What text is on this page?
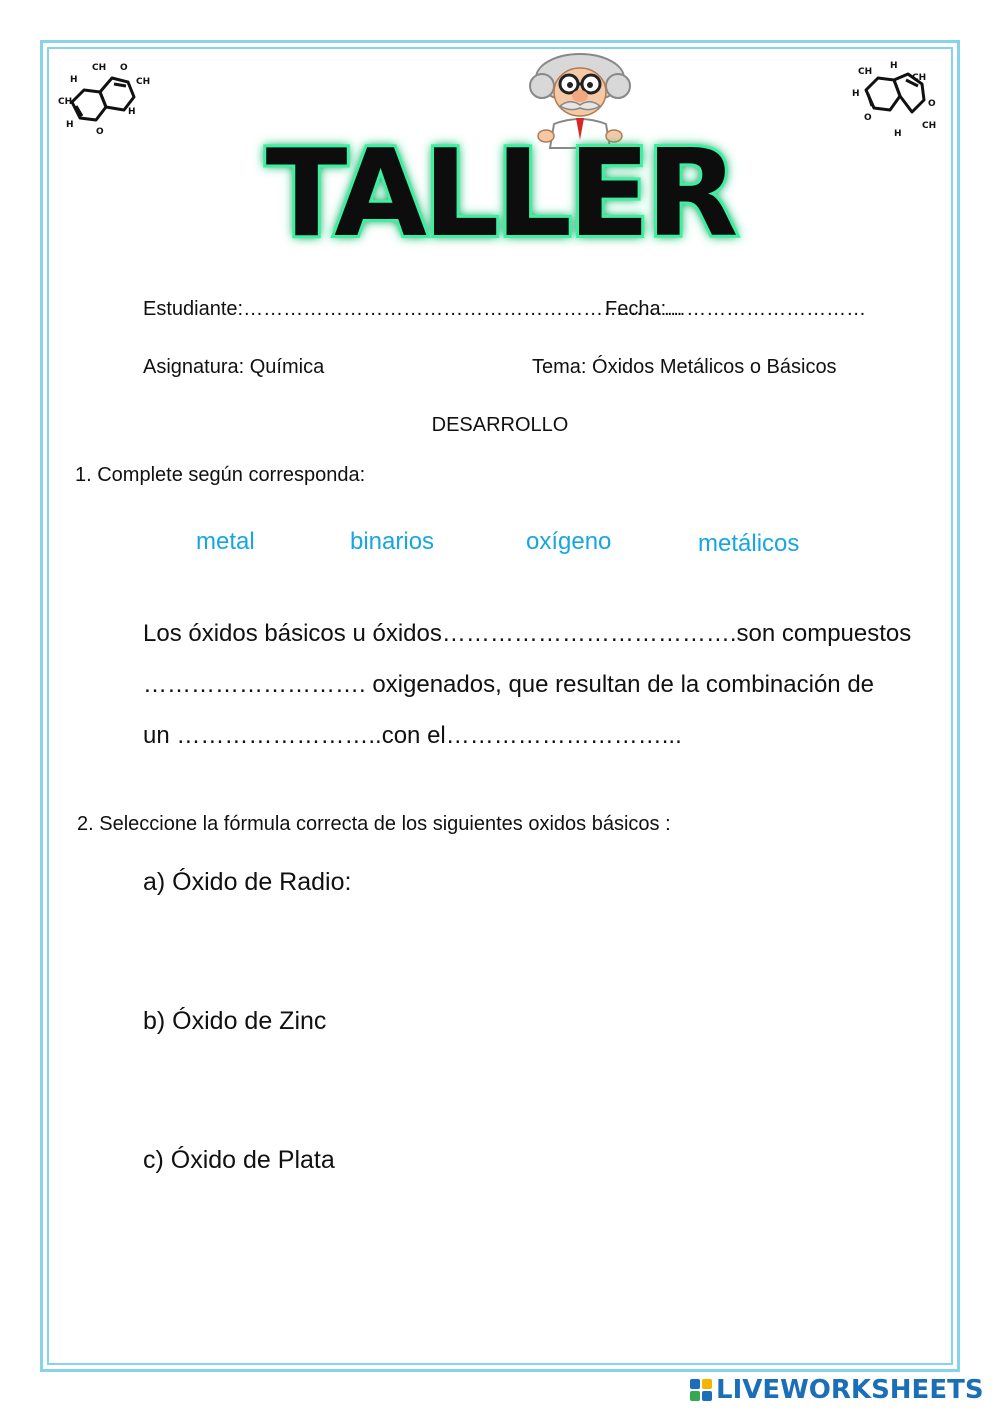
H
CH O
CH
CH
H
O
H
CH
H
CH
H
O
O
CH
H
TALLER
Estudiante:…………………………………………………………
Fecha:…………………………
Asignatura: Química	Tema: Óxidos Metálicos o Básicos
DESARROLLO
1. Complete según corresponda:
metal	binarios	oxígeno	metálicos
Los óxidos básicos u óxidos……………………………….son compuestos
………………………. oxigenados, que resultan de la combinación de
un ……………………..con el………………………...
2. Seleccione la fórmula correcta de los siguientes oxidos básicos :
a) Óxido de Radio:
b) Óxido de Zinc
c) Óxido de Plata
LIVEWORKSHEETS
